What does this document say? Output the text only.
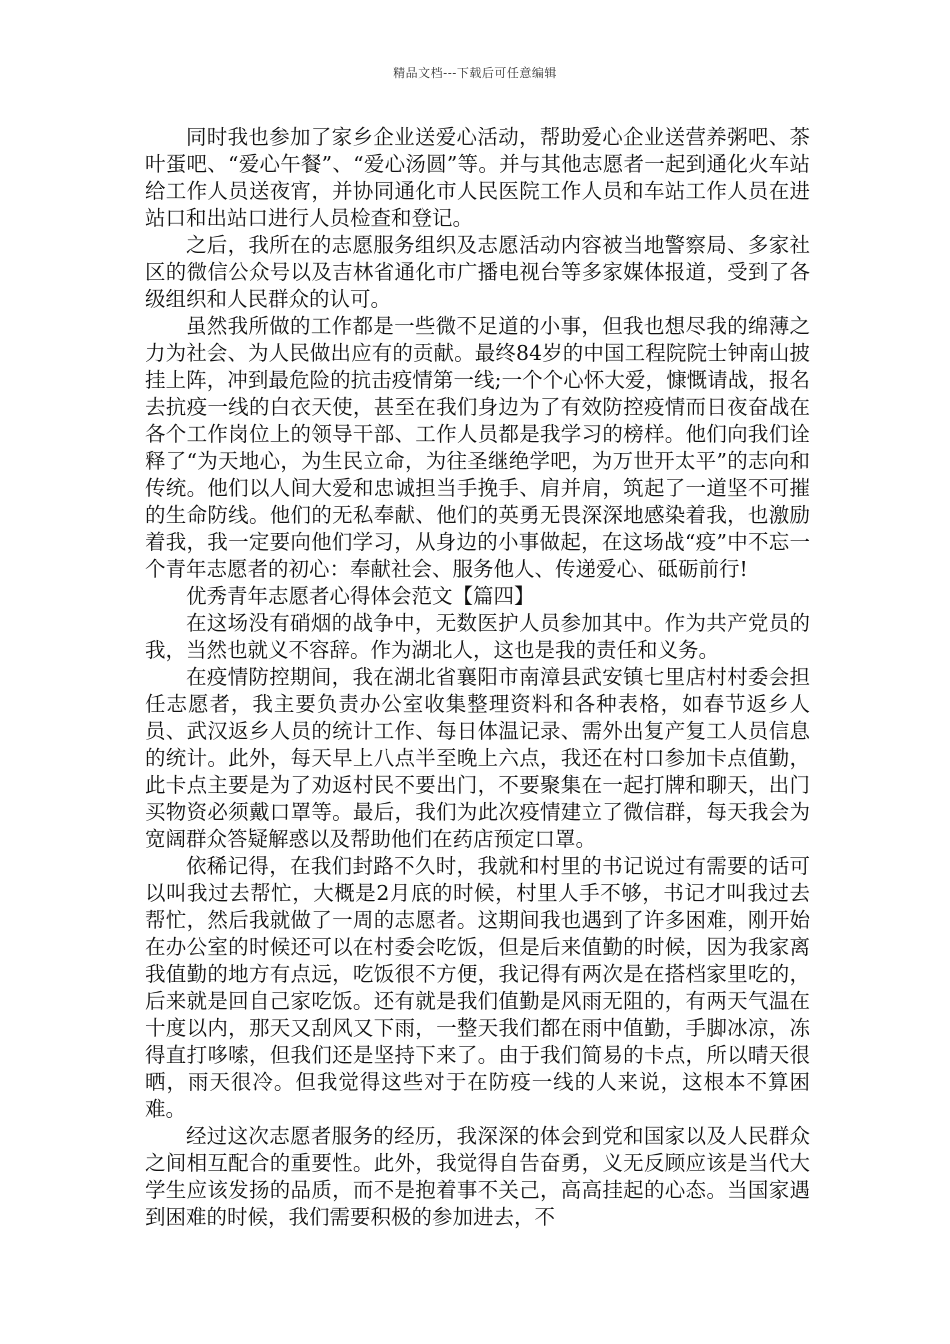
精品文档---下载后可任意编辑

同时我也参加了家乡企业送爱心活动，帮助爱心企业送营养粥吧、茶叶蛋吧、“爱心午餐”、“爱心汤圆”等。并与其他志愿者一起到通化火车站给工作人员送夜宵，并协同通化市人民医院工作人员和车站工作人员在进站口和出站口进行人员检查和登记。

之后，我所在的志愿服务组织及志愿活动内容被当地警察局、多家社区的微信公众号以及吉林省通化市广播电视台等多家媒体报道，受到了各级组织和人民群众的认可。

虽然我所做的工作都是一些微不足道的小事，但我也想尽我的绵薄之力为社会、为人民做出应有的贡献。最终84岁的中国工程院院士钟南山披挂上阵，冲到最危险的抗击疫情第一线;一个个心怀大爱，慷慨请战，报名去抗疫一线的白衣天使，甚至在我们身边为了有效防控疫情而日夜奋战在各个工作岗位上的领导干部、工作人员都是我学习的榜样。他们向我们诠释了“为天地心，为生民立命，为往圣继绝学吧，为万世开太平”的志向和传统。他们以人间大爱和忠诚担当手挽手、肩并肩，筑起了一道坚不可摧的生命防线。他们的无私奉献、他们的英勇无畏深深地感染着我，也激励着我，我一定要向他们学习，从身边的小事做起，在这场战“疫”中不忘一个青年志愿者的初心：奉献社会、服务他人、传递爱心、砥砺前行!

优秀青年志愿者心得体会范文【篇四】

在这场没有硝烟的战争中，无数医护人员参加其中。作为共产党员的我，当然也就义不容辞。作为湖北人，这也是我的责任和义务。

在疫情防控期间，我在湖北省襄阳市南漳县武安镇七里店村村委会担任志愿者，我主要负责办公室收集整理资料和各种表格，如春节返乡人员、武汉返乡人员的统计工作、每日体温记录、需外出复产复工人员信息的统计。此外，每天早上八点半至晚上六点，我还在村口参加卡点值勤，此卡点主要是为了劝返村民不要出门，不要聚集在一起打牌和聊天，出门买物资必须戴口罩等。最后，我们为此次疫情建立了微信群，每天我会为宽阔群众答疑解惑以及帮助他们在药店预定口罩。

依稀记得，在我们封路不久时，我就和村里的书记说过有需要的话可以叫我过去帮忙，大概是2月底的时候，村里人手不够，书记才叫我过去帮忙，然后我就做了一周的志愿者。这期间我也遇到了许多困难，刚开始在办公室的时候还可以在村委会吃饭，但是后来值勤的时候，因为我家离我值勤的地方有点远，吃饭很不方便，我记得有两次是在搭档家里吃的，后来就是回自己家吃饭。还有就是我们值勤是风雨无阻的，有两天气温在十度以内，那天又刮风又下雨，一整天我们都在雨中值勤，手脚冰凉，冻得直打哆嗦，但我们还是坚持下来了。由于我们简易的卡点，所以晴天很晒，雨天很冷。但我觉得这些对于在防疫一线的人来说，这根本不算困难。

经过这次志愿者服务的经历，我深深的体会到党和国家以及人民群众之间相互配合的重要性。此外，我觉得自告奋勇，义无反顾应该是当代大学生应该发扬的品质，而不是抱着事不关己，高高挂起的心态。当国家遇到困难的时候，我们需要积极的参加进去，不
